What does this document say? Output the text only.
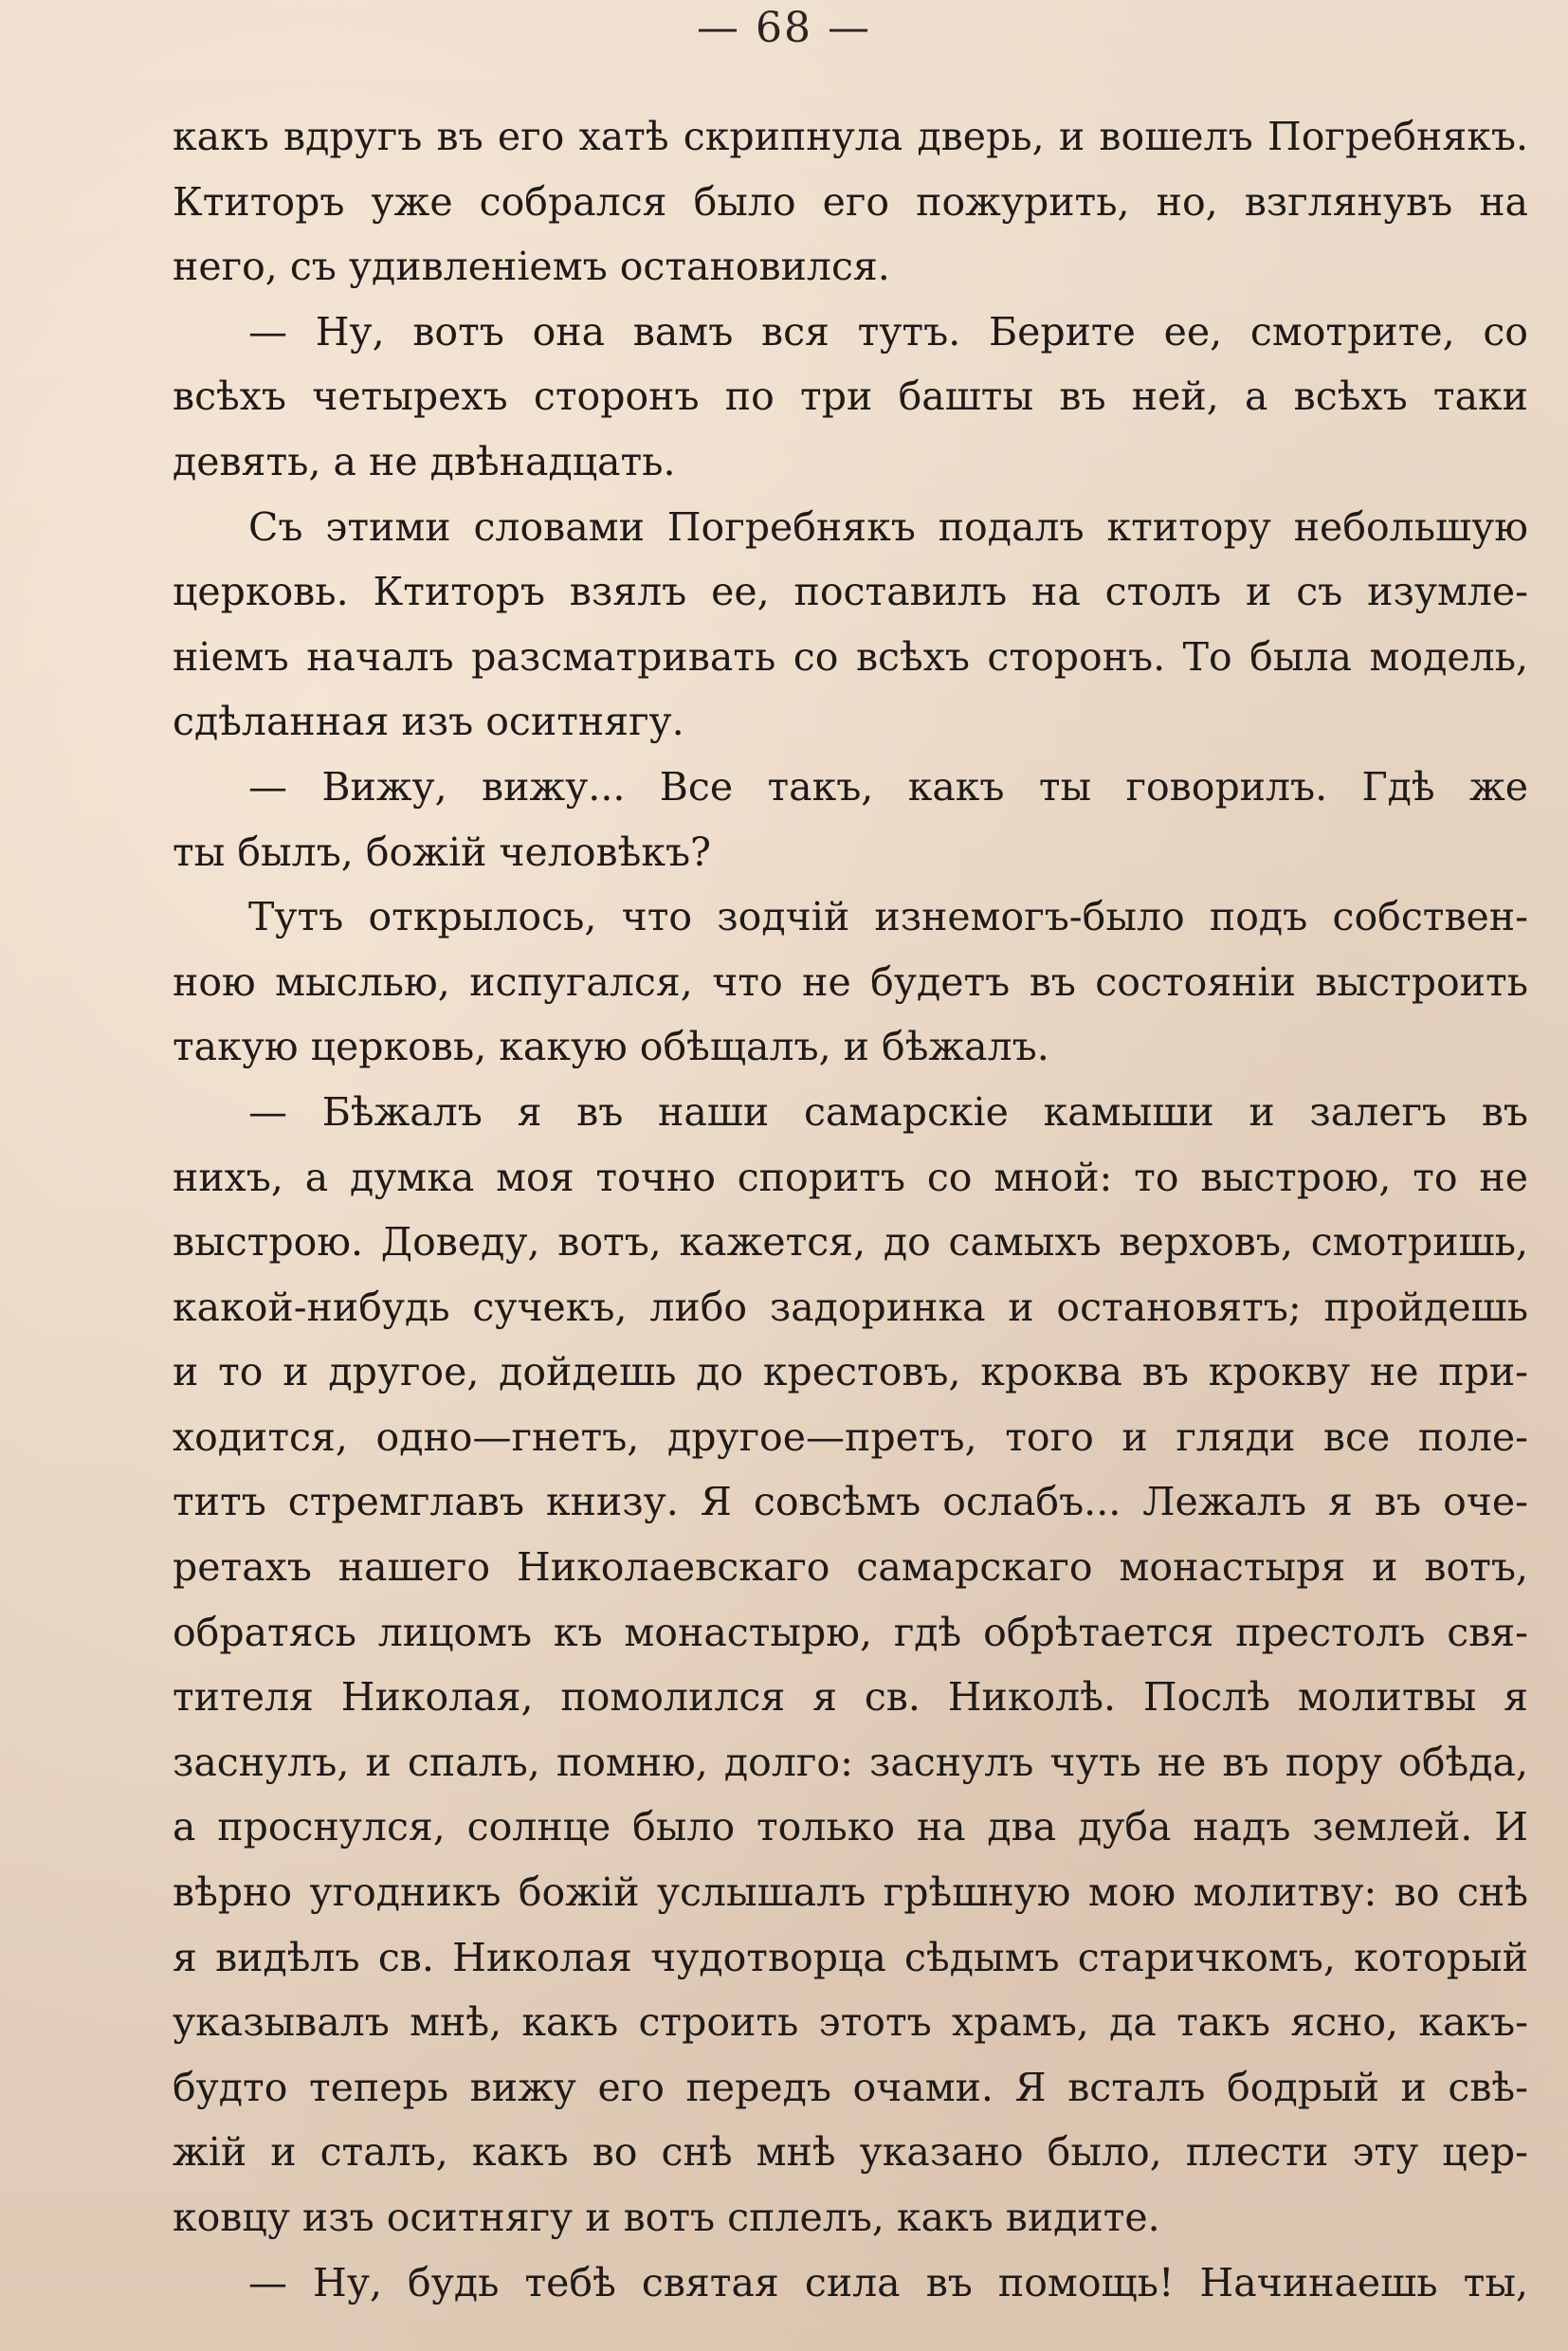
— 68 —
какъ вдругъ въ его хатѣ скрипнула дверь, и вошелъ Погребнякъ.
Ктиторъ уже собрался было его пожурить, но, взглянувъ на
него, съ удивленіемъ остановился.
— Ну, вотъ она вамъ вся тутъ. Берите ее, смотрите, со
всѣхъ четырехъ сторонъ по три башты въ ней, а всѣхъ таки
девять, а не двѣнадцать.
Съ этими словами Погребнякъ подалъ ктитору небольшую
церковь. Ктиторъ взялъ ее, поставилъ на столъ и съ изумле-
ніемъ началъ разсматривать со всѣхъ сторонъ. То была модель,
сдѣланная изъ оситнягу.
— Вижу, вижу... Все такъ, какъ ты говорилъ. Гдѣ же
ты былъ, божій человѣкъ?
Тутъ открылось, что зодчій изнемогъ-было подъ собствен-
ною мыслью, испугался, что не будетъ въ состояніи выстроить
такую церковь, какую обѣщалъ, и бѣжалъ.
— Бѣжалъ я въ наши самарскіе камыши и залегъ въ
нихъ, а думка моя точно споритъ со мной: то выстрою, то не
выстрою. Доведу, вотъ, кажется, до самыхъ верховъ, смотришь,
какой-нибудь сучекъ, либо задоринка и остановятъ; пройдешь
и то и другое, дойдешь до крестовъ, кроква въ крокву не при-
ходится, одно—гнетъ, другое—претъ, того и гляди все поле-
титъ стремглавъ книзу. Я совсѣмъ ослабъ... Лежалъ я въ оче-
ретахъ нашего Николаевскаго самарскаго монастыря и вотъ,
обратясь лицомъ къ монастырю, гдѣ обрѣтается престолъ свя-
тителя Николая, помолился я св. Николѣ. Послѣ молитвы я
заснулъ, и спалъ, помню, долго: заснулъ чуть не въ пору обѣда,
а проснулся, солнце было только на два дуба надъ землей. И
вѣрно угодникъ божій услышалъ грѣшную мою молитву: во снѣ
я видѣлъ св. Николая чудотворца сѣдымъ старичкомъ, который
указывалъ мнѣ, какъ строить этотъ храмъ, да такъ ясно, какъ-
будто теперь вижу его передъ очами. Я всталъ бодрый и свѣ-
жій и сталъ, какъ во снѣ мнѣ указано было, плести эту цер-
ковцу изъ оситнягу и вотъ сплелъ, какъ видите.
— Ну, будь тебѣ святая сила въ помощь! Начинаешь ты,
